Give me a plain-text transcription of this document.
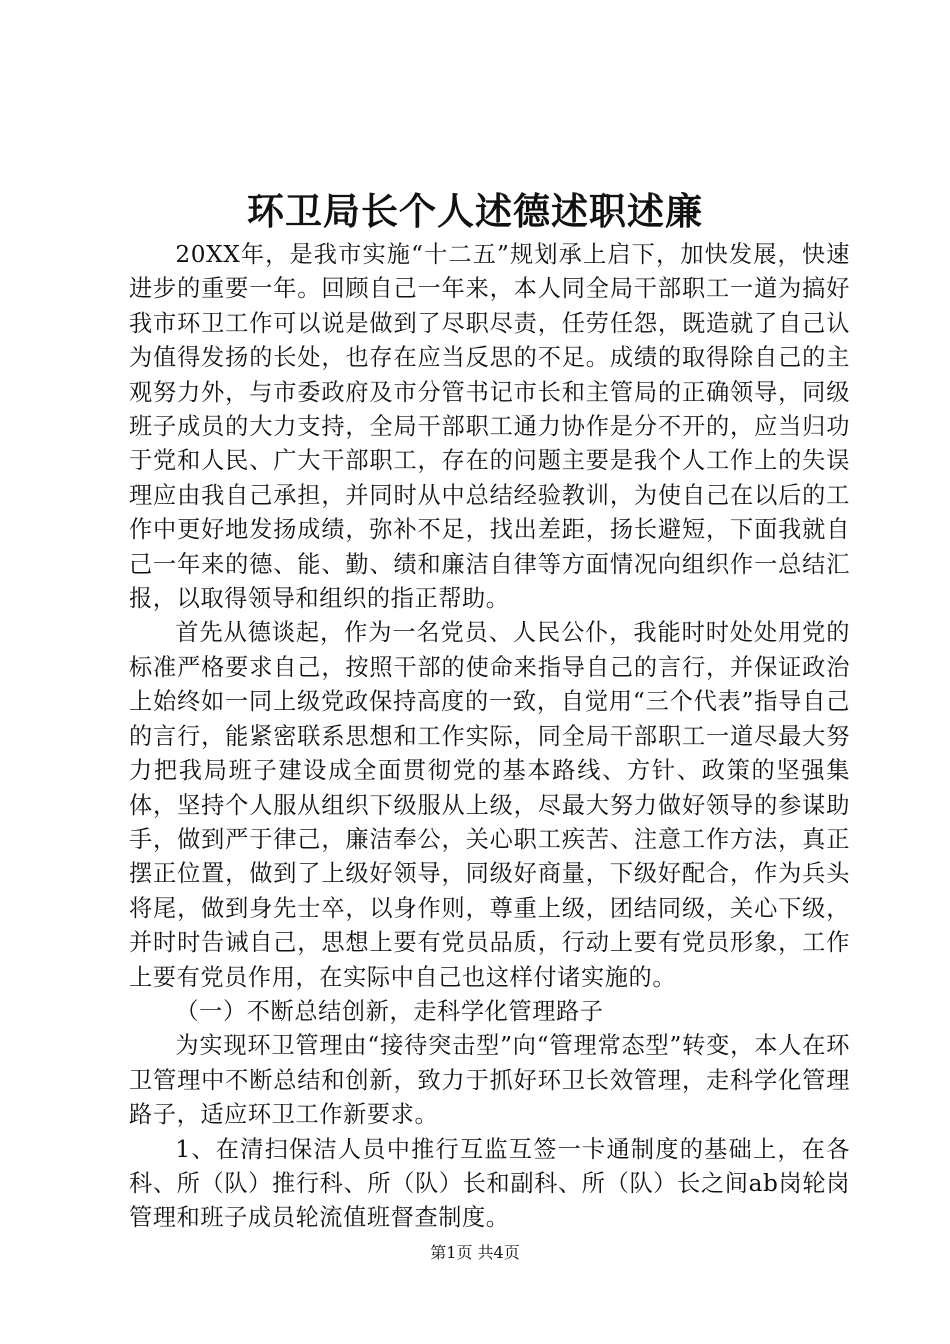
环卫局长个人述德述职述廉

20XX年，是我市实施“十二五”规划承上启下，加快发展，快速进步的重要一年。回顾自己一年来，本人同全局干部职工一道为搞好我市环卫工作可以说是做到了尽职尽责，任劳任怨，既造就了自己认为值得发扬的长处，也存在应当反思的不足。成绩的取得除自己的主观努力外，与市委政府及市分管书记市长和主管局的正确领导，同级班子成员的大力支持，全局干部职工通力协作是分不开的，应当归功于党和人民、广大干部职工，存在的问题主要是我个人工作上的失误理应由我自己承担，并同时从中总结经验教训，为使自己在以后的工作中更好地发扬成绩，弥补不足，找出差距，扬长避短，下面我就自己一年来的德、能、勤、绩和廉洁自律等方面情况向组织作一总结汇报，以取得领导和组织的指正帮助。

首先从德谈起，作为一名党员、人民公仆，我能时时处处用党的标准严格要求自己，按照干部的使命来指导自己的言行，并保证政治上始终如一同上级党政保持高度的一致，自觉用“三个代表”指导自己的言行，能紧密联系思想和工作实际，同全局干部职工一道尽最大努力把我局班子建设成全面贯彻党的基本路线、方针、政策的坚强集体，坚持个人服从组织下级服从上级，尽最大努力做好领导的参谋助手，做到严于律己，廉洁奉公，关心职工疾苦、注意工作方法，真正摆正位置，做到了上级好领导，同级好商量，下级好配合，作为兵头将尾，做到身先士卒，以身作则，尊重上级，团结同级，关心下级，并时时告诫自己，思想上要有党员品质，行动上要有党员形象，工作上要有党员作用，在实际中自己也这样付诸实施的。

（一）不断总结创新，走科学化管理路子

为实现环卫管理由“接待突击型”向“管理常态型”转变，本人在环卫管理中不断总结和创新，致力于抓好环卫长效管理，走科学化管理路子，适应环卫工作新要求。

1、在清扫保洁人员中推行互监互签一卡通制度的基础上，在各科、所（队）推行科、所（队）长和副科、所（队）长之间ab岗轮岗管理和班子成员轮流值班督查制度。

第1页 共4页
